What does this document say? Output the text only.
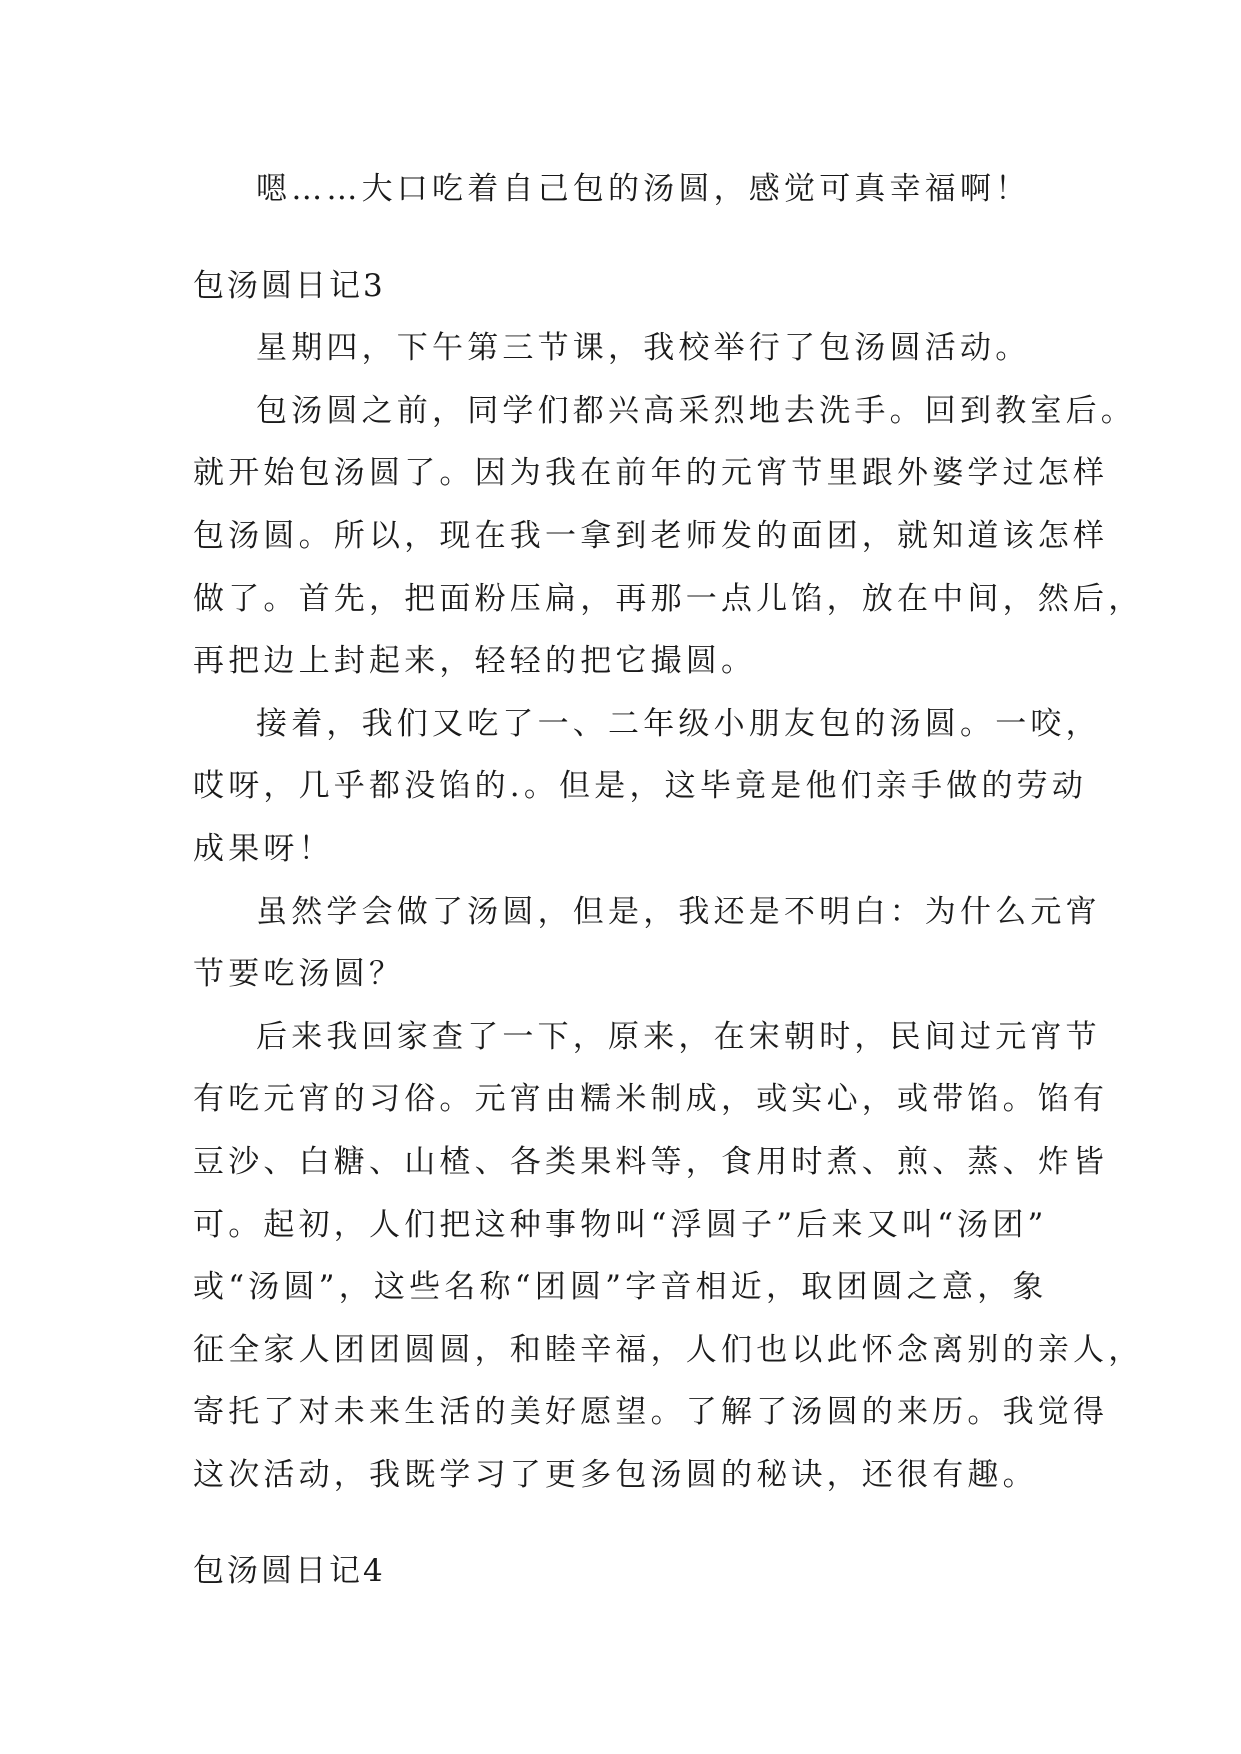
嗯……大口吃着自己包的汤圆，感觉可真幸福啊！
包汤圆日记3
星期四，下午第三节课，我校举行了包汤圆活动。
包汤圆之前，同学们都兴高采烈地去洗手。回到教室后。
就开始包汤圆了。因为我在前年的元宵节里跟外婆学过怎样
包汤圆。所以，现在我一拿到老师发的面团，就知道该怎样
做了。首先，把面粉压扁，再那一点儿馅，放在中间，然后，
再把边上封起来，轻轻的把它撮圆。
接着，我们又吃了一、二年级小朋友包的汤圆。一咬，
哎呀，几乎都没馅的.。但是，这毕竟是他们亲手做的劳动
成果呀！
虽然学会做了汤圆，但是，我还是不明白：为什么元宵
节要吃汤圆？
后来我回家查了一下，原来，在宋朝时，民间过元宵节
有吃元宵的习俗。元宵由糯米制成，或实心，或带馅。馅有
豆沙、白糖、山楂、各类果料等，食用时煮、煎、蒸、炸皆
可。起初，人们把这种事物叫“浮圆子”后来又叫“汤团”
或“汤圆”，这些名称“团圆”字音相近，取团圆之意，象
征全家人团团圆圆，和睦辛福，人们也以此怀念离别的亲人，
寄托了对未来生活的美好愿望。了解了汤圆的来历。我觉得
这次活动，我既学习了更多包汤圆的秘诀，还很有趣。
包汤圆日记4
